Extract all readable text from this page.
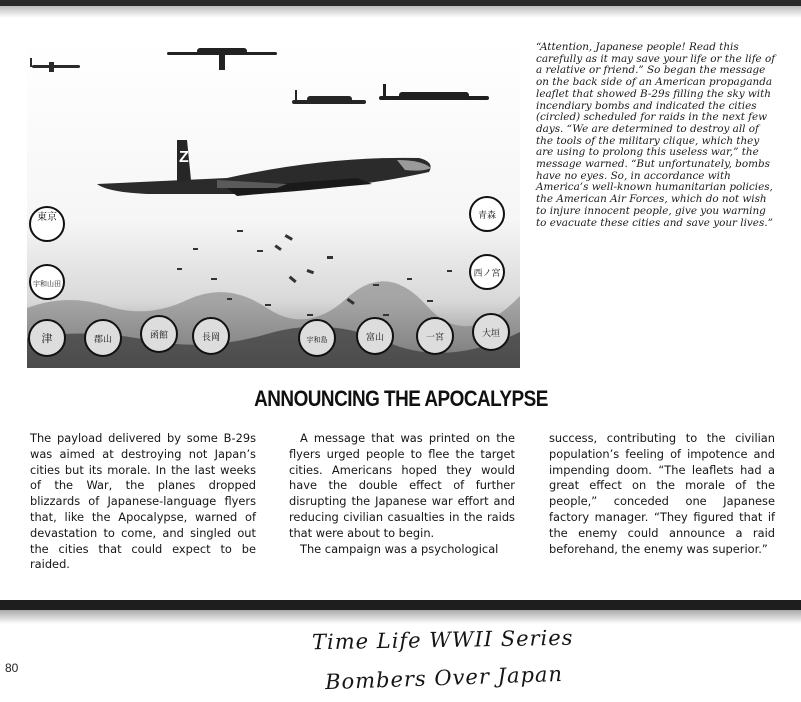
東京
宇和山田
青森
西ノ宮
津	郡山	函館	長岡	宇和島	富山	一宮	大垣
Z
“Attention, Japanese people! Read this carefully as it may save your life or the life of a relative or friend.” So began the message on the back side of an American propaganda leaflet that showed B-29s filling the sky with incendiary bombs and indicated the cities (circled) scheduled for raids in the next few days. “We are determined to destroy all of the tools of the military clique, which they are using to prolong this useless war,” the message warned. “But unfortunately, bombs have no eyes. So, in accordance with America’s well-known humanitarian policies, the American Air Forces, which do not wish to injure innocent people, give you warning to evacuate these cities and save your lives.”
ANNOUNCING THE APOCALYPSE

The payload delivered by some B-29s was aimed at destroying not Japan’s cities but its morale. In the last weeks of the War, the planes dropped blizzards of Japanese-language flyers that, like the Apocalypse, warned of devastation to come, and singled out the cities that could expect to be raided.

A message that was printed on the flyers urged people to flee the target cities. Americans hoped they would have the double effect of further disrupting the Japanese war effort and reducing civilian casualties in the raids that were about to begin.

The campaign was a psychological

success, contributing to the civilian population’s feeling of impotence and impending doom. “The leaflets had a great effect on the morale of the people,” conceded one Japanese factory manager. “They figured that if the enemy could announce a raid beforehand, the enemy was superior.”

80
Time Life WWII Series
Bombers Over Japan
